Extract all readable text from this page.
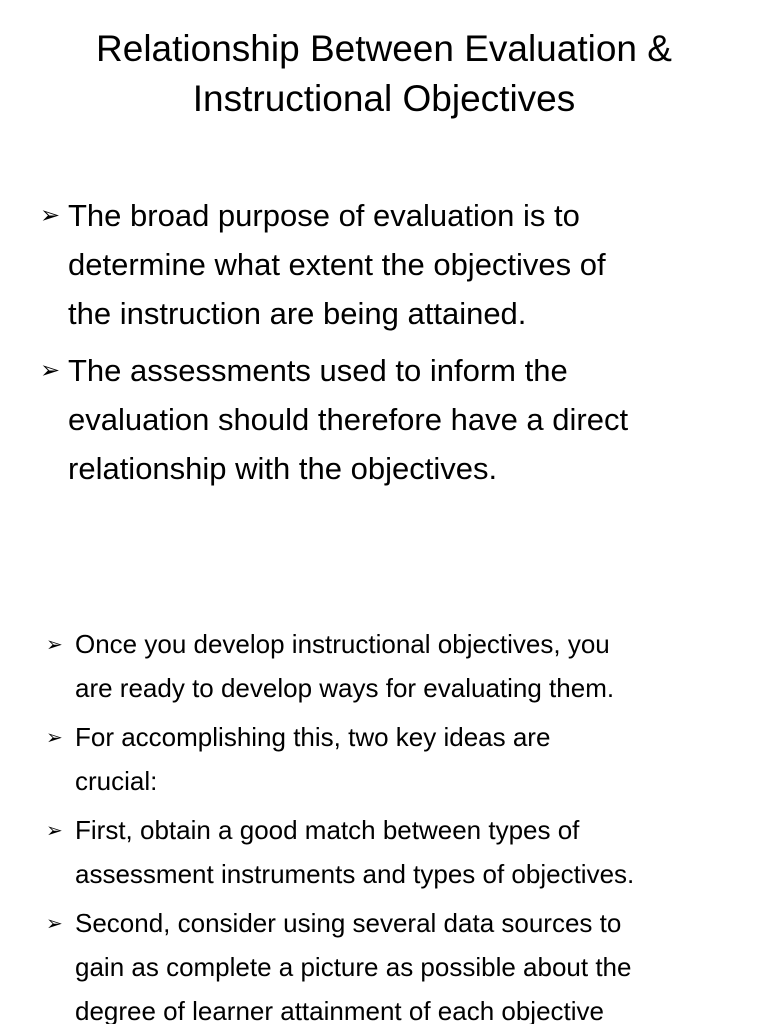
Relationship Between Evaluation &
Instructional Objectives
➢ The broad purpose of evaluation is to
determine what extent the objectives of
the instruction are being attained.
➢ The assessments used to inform the
evaluation should therefore have a direct
relationship with the objectives.
➢ Once you develop instructional objectives, you
are ready to develop ways for evaluating them.
➢ For accomplishing this, two key ideas are
crucial:
➢ First, obtain a good match between types of
assessment instruments and types of objectives.
➢ Second, consider using several data sources to
gain as complete a picture as possible about the
degree of learner attainment of each objective
